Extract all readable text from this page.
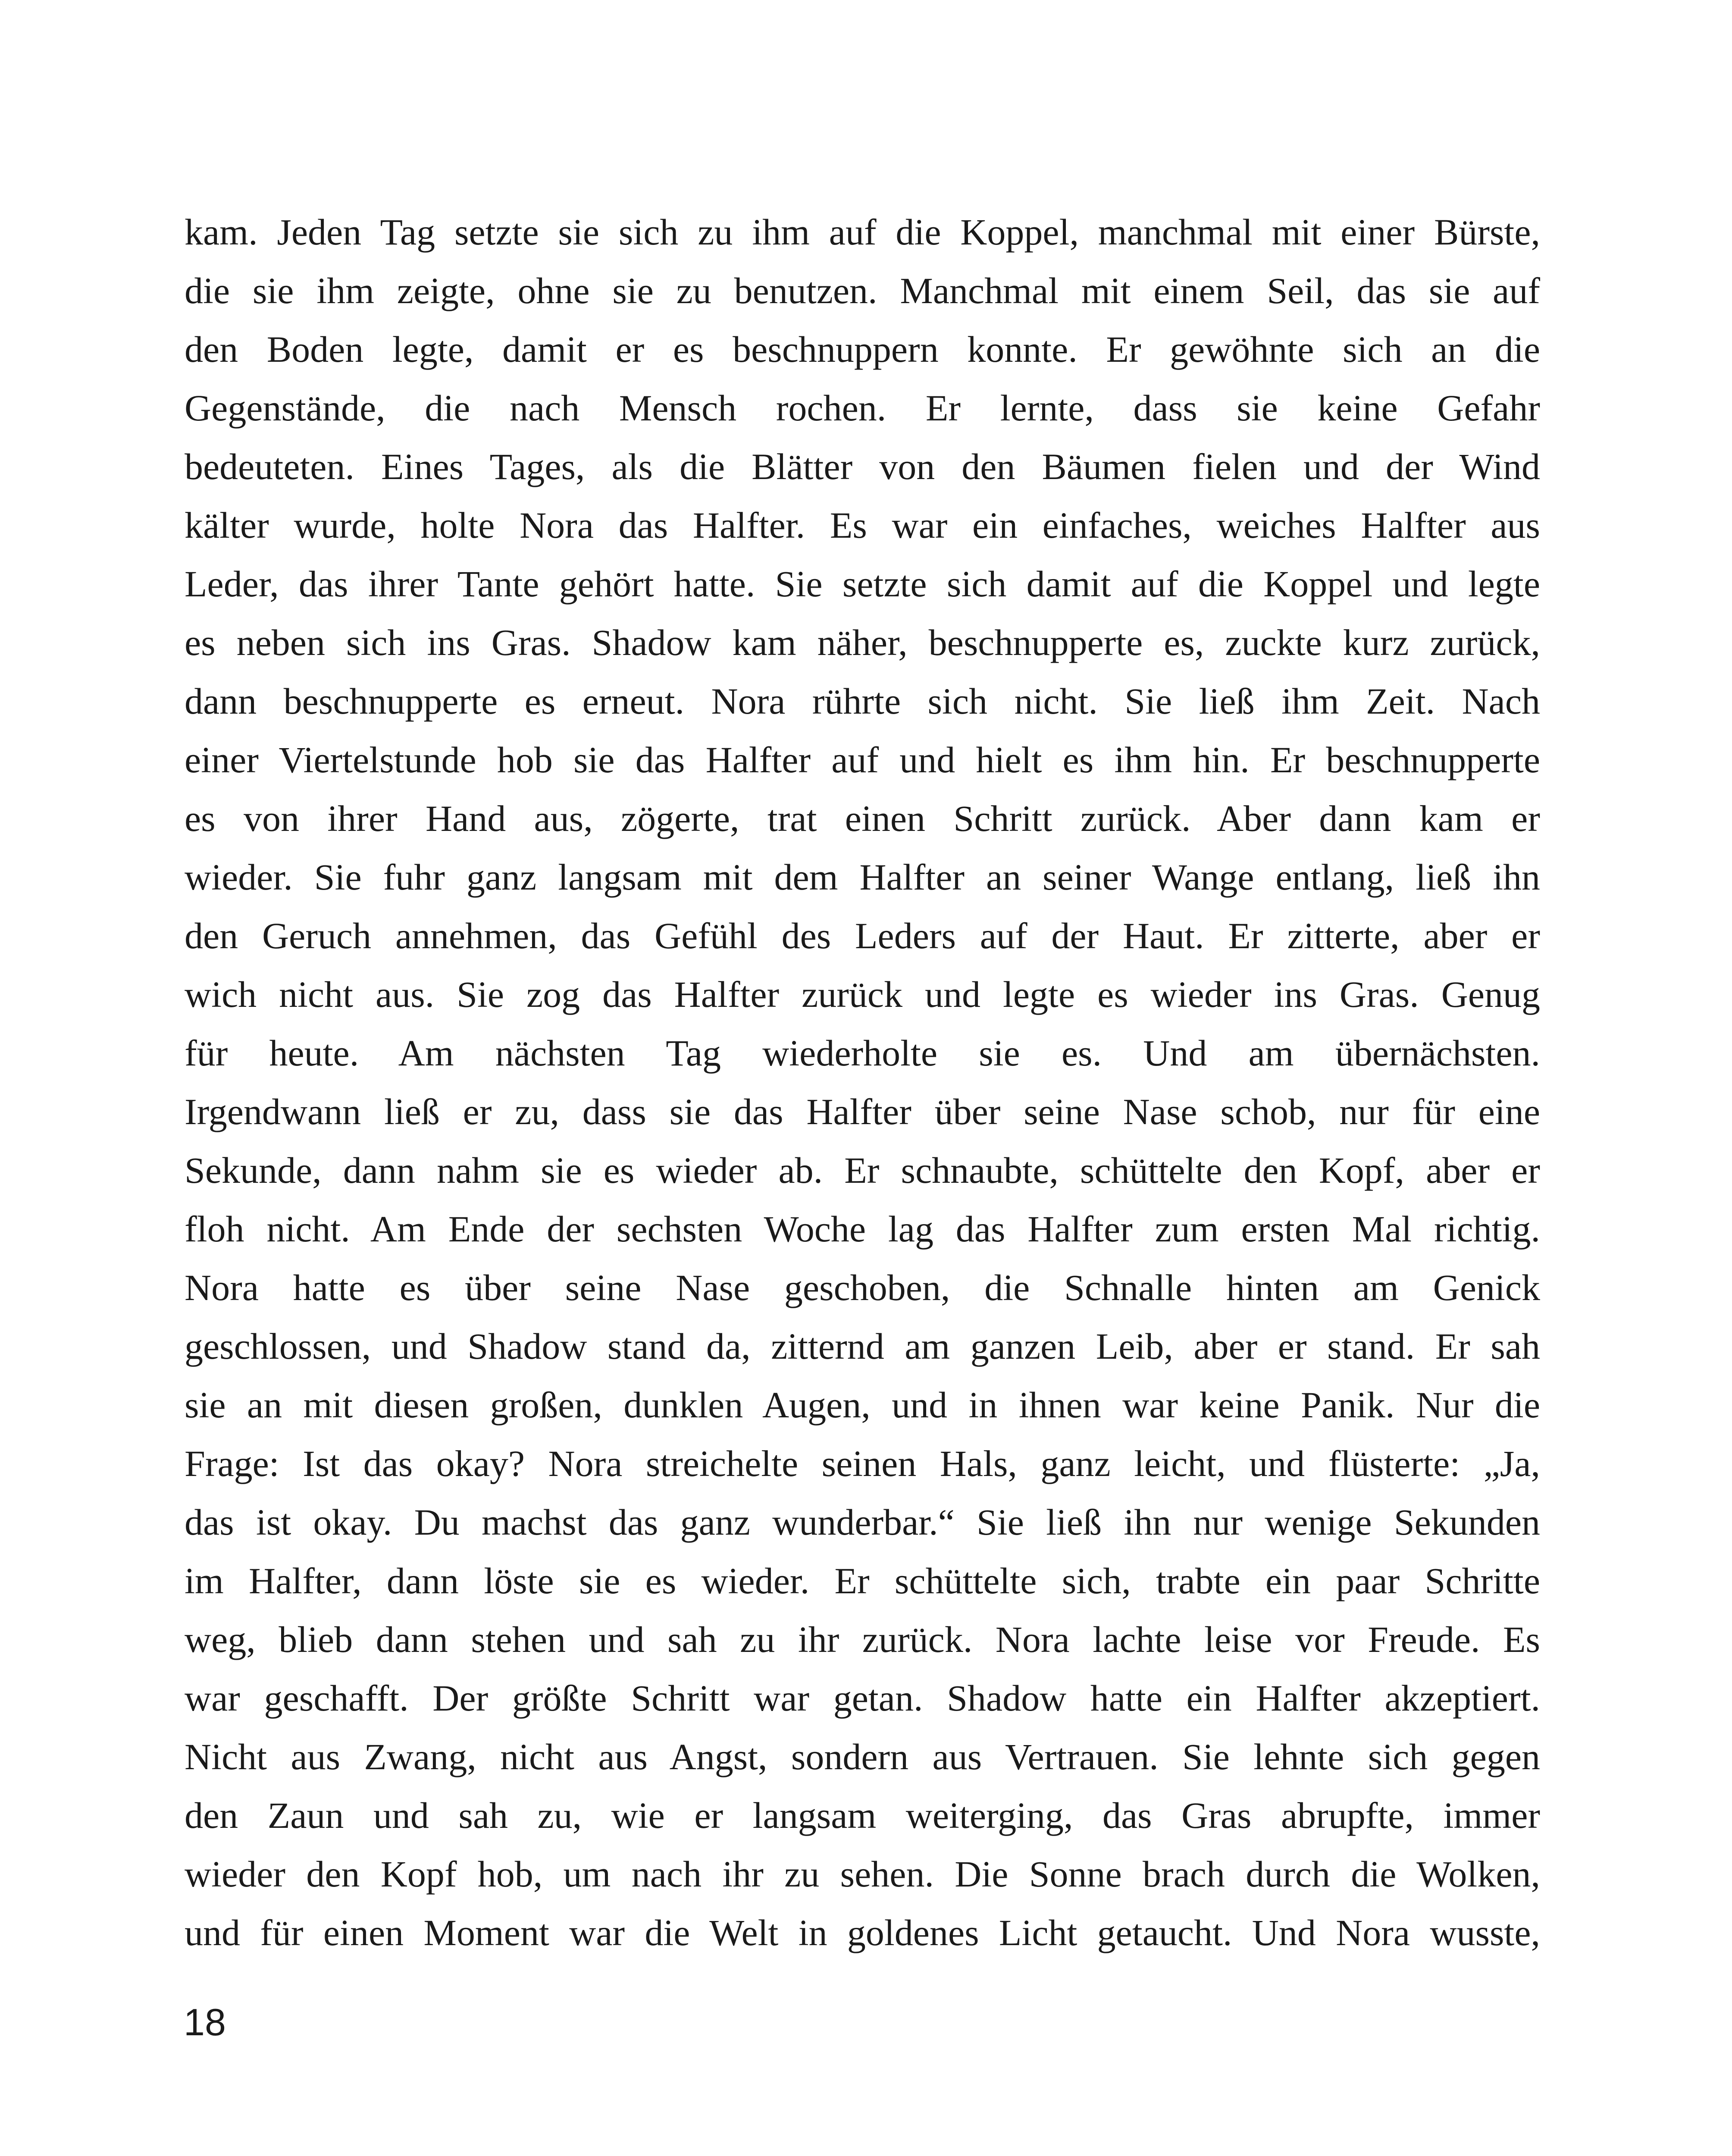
kam. Jeden Tag setzte sie sich zu ihm auf die Koppel, manchmal mit einer Bürste,
die sie ihm zeigte, ohne sie zu benutzen. Manchmal mit einem Seil, das sie auf
den Boden legte, damit er es beschnuppern konnte. Er gewöhnte sich an die
Gegenstände, die nach Mensch rochen. Er lernte, dass sie keine Gefahr
bedeuteten. Eines Tages, als die Blätter von den Bäumen fielen und der Wind
kälter wurde, holte Nora das Halfter. Es war ein einfaches, weiches Halfter aus
Leder, das ihrer Tante gehört hatte. Sie setzte sich damit auf die Koppel und legte
es neben sich ins Gras. Shadow kam näher, beschnupperte es, zuckte kurz zurück,
dann beschnupperte es erneut. Nora rührte sich nicht. Sie ließ ihm Zeit. Nach
einer Viertelstunde hob sie das Halfter auf und hielt es ihm hin. Er beschnupperte
es von ihrer Hand aus, zögerte, trat einen Schritt zurück. Aber dann kam er
wieder. Sie fuhr ganz langsam mit dem Halfter an seiner Wange entlang, ließ ihn
den Geruch annehmen, das Gefühl des Leders auf der Haut. Er zitterte, aber er
wich nicht aus. Sie zog das Halfter zurück und legte es wieder ins Gras. Genug
für heute. Am nächsten Tag wiederholte sie es. Und am übernächsten.
Irgendwann ließ er zu, dass sie das Halfter über seine Nase schob, nur für eine
Sekunde, dann nahm sie es wieder ab. Er schnaubte, schüttelte den Kopf, aber er
floh nicht. Am Ende der sechsten Woche lag das Halfter zum ersten Mal richtig.
Nora hatte es über seine Nase geschoben, die Schnalle hinten am Genick
geschlossen, und Shadow stand da, zitternd am ganzen Leib, aber er stand. Er sah
sie an mit diesen großen, dunklen Augen, und in ihnen war keine Panik. Nur die
Frage: Ist das okay? Nora streichelte seinen Hals, ganz leicht, und flüsterte: „Ja,
das ist okay. Du machst das ganz wunderbar.“ Sie ließ ihn nur wenige Sekunden
im Halfter, dann löste sie es wieder. Er schüttelte sich, trabte ein paar Schritte
weg, blieb dann stehen und sah zu ihr zurück. Nora lachte leise vor Freude. Es
war geschafft. Der größte Schritt war getan. Shadow hatte ein Halfter akzeptiert.
Nicht aus Zwang, nicht aus Angst, sondern aus Vertrauen. Sie lehnte sich gegen
den Zaun und sah zu, wie er langsam weiterging, das Gras abrupfte, immer
wieder den Kopf hob, um nach ihr zu sehen. Die Sonne brach durch die Wolken,
und für einen Moment war die Welt in goldenes Licht getaucht. Und Nora wusste,
18
